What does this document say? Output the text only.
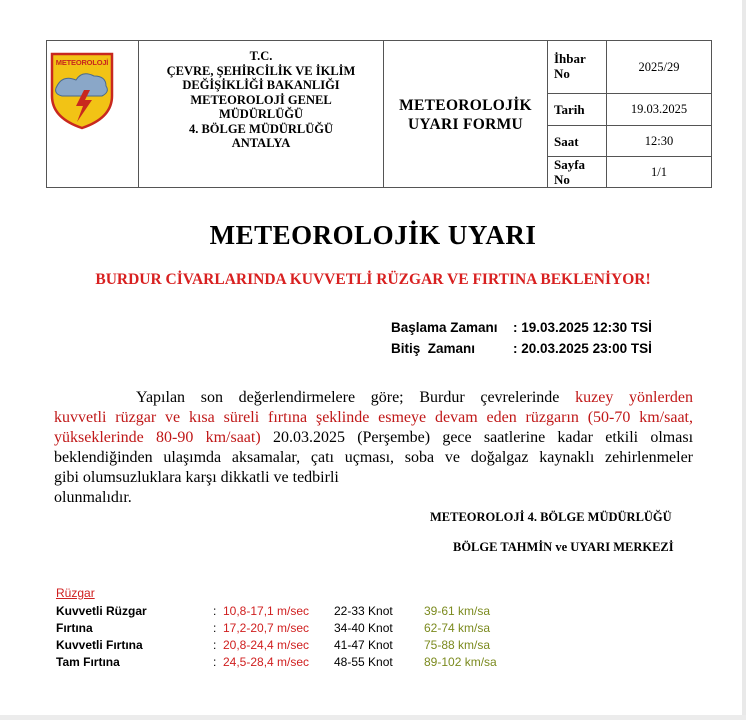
METEOROLOJİ	T.C.
ÇEVRE, ŞEHİRCİLİK VE İKLİM
DEĞİŞİKLİĞİ BAKANLIĞI
METEOROLOJİ GENEL
MÜDÜRLÜĞÜ
4. BÖLGE MÜDÜRLÜĞÜ
ANTALYA
METEOROLOJİK
UYARI FORMU
İhbar
No	2025/29
Tarih	19.03.2025
Saat	12:30
Sayfa
No	1/1
METEOROLOJİK UYARI
BURDUR CİVARLARINDA KUVVETLİ RÜZGAR VE FIRTINA BEKLENİYOR!
Başlama Zamanı : 19.03.2025 12:30 TSİ
Bitiş  Zamanı	: 20.03.2025 23:00 TSİ
Yapılan son değerlendirmelere göre; Burdur çevrelerinde kuzey yönlerden
kuvvetli rüzgar ve kısa süreli fırtına şeklinde esmeye devam eden rüzgarın (50-70 km/saat,
yükseklerinde 80-90 km/saat) 20.03.2025 (Perşembe) gece saatlerine kadar etkili olması
beklendiğinden ulaşımda aksamalar, çatı uçması, soba ve doğalgaz kaynaklı zehirlenmeler
gibi olumsuzluklara karşı dikkatli ve tedbirli
olunmalıdır.
METEOROLOJİ 4. BÖLGE MÜDÜRLÜĞÜ
BÖLGE TAHMİN ve UYARI MERKEZİ
Rüzgar
Kuvvetli Rüzgar	: 10,8-17,1 m/sec 22-33 Knot	39-61 km/sa
Fırtına	: 17,2-20,7 m/sec 34-40 Knot	62-74 km/sa
Kuvvetli Fırtına	: 20,8-24,4 m/sec 41-47 Knot	75-88 km/sa
Tam Fırtına	: 24,5-28,4 m/sec 48-55 Knot	89-102 km/sa
